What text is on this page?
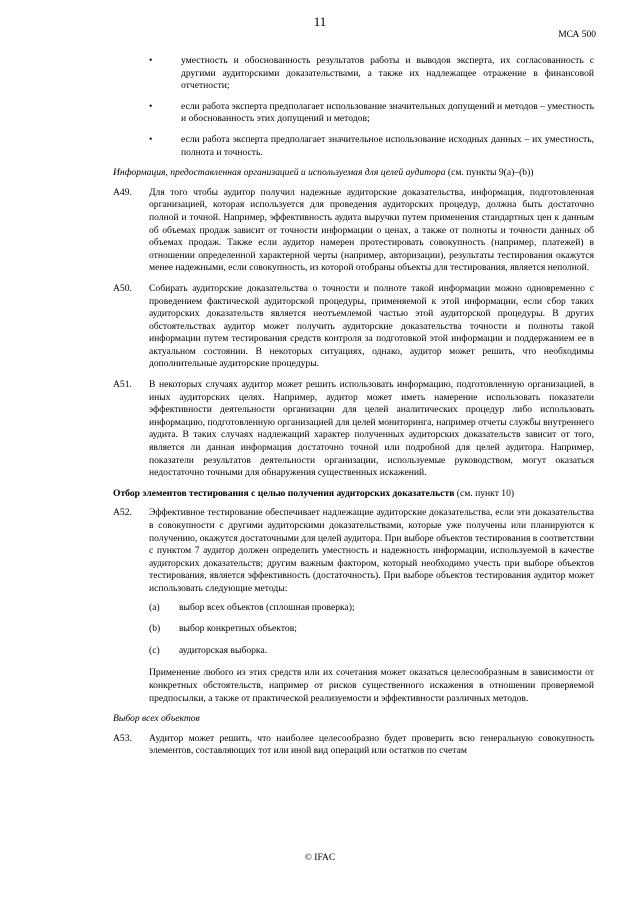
11
МСА 500
•	уместность и обоснованность результатов работы и выводов эксперта, их согласованность с другими аудиторскими доказательствами, а также их надлежащее отражение в финансовой отчетности;
•	если работа эксперта предполагает использование значительных допущений и методов – уместность и обоснованность этих допущений и методов;
•	если работа эксперта предполагает значительное использование исходных данных – их уместность, полнота и точность.
Информация, предоставленная организацией и используемая для целей аудитора (см. пункты 9(а)–(b))
A49. Для того чтобы аудитор получил надежные аудиторские доказательства, информация, подготовленная организацией, которая используется для проведения аудиторских процедур, должна быть достаточно полной и точной. Например, эффективность аудита выручки путем применения стандартных цен к данным об объемах продаж зависит от точности информации о ценах, а также от полноты и точности данных об объемах продаж. Также если аудитор намерен протестировать совокупность (например, платежей) в отношении определенной характерной черты (например, авторизации), результаты тестирования окажутся менее надежными, если совокупность, из которой отобраны объекты для тестирования, является неполной.
A50. Собирать аудиторские доказательства о точности и полноте такой информации можно одновременно с проведением фактической аудиторской процедуры, применяемой к этой информации, если сбор таких аудиторских доказательств является неотъемлемой частью этой аудиторской процедуры. В других обстоятельствах аудитор может получить аудиторские доказательства точности и полноты такой информации путем тестирования средств контроля за подготовкой этой информации и поддержанием ее в актуальном состоянии. В некоторых ситуациях, однако, аудитор может решить, что необходимы дополнительные аудиторские процедуры.
A51. В некоторых случаях аудитор может решить использовать информацию, подготовленную организацией, в иных аудиторских целях. Например, аудитор может иметь намерение использовать показатели эффективности деятельности организации для целей аналитических процедур либо использовать информацию, подготовленную организацией для целей мониторинга, например отчеты службы внутреннего аудита. В таких случаях надлежащий характер полученных аудиторских доказательств зависит от того, является ли данная информация достаточно точной или подробной для целей аудитора. Например, показатели результатов деятельности организации, используемые руководством, могут оказаться недостаточно точными для обнаружения существенных искажений.
Отбор элементов тестирования с целью получения аудиторских доказательств (см. пункт 10)
A52. Эффективное тестирование обеспечивает надлежащие аудиторские доказательства, если эти доказательства в совокупности с другими аудиторскими доказательствами, которые уже получены или планируются к получению, окажутся достаточными для целей аудитора. При выборе объектов тестирования в соответствии с пунктом 7 аудитор должен определить уместность и надежность информации, используемой в качестве аудиторских доказательств; другим важным фактором, который необходимо учесть при выборе объектов тестирования, является эффективность (достаточность). При выборе объектов тестирования аудитор может использовать следующие методы:
(a) выбор всех объектов (сплошная проверка);
(b) выбор конкретных объектов;
(c) аудиторская выборка.
Применение любого из этих средств или их сочетания может оказаться целесообразным в зависимости от конкретных обстоятельств, например от рисков существенного искажения в отношении проверяемой предпосылки, а также от практической реализуемости и эффективности различных методов.
Выбор всех объектов
A53. Аудитор может решить, что наиболее целесообразно будет проверить всю генеральную совокупность элементов, составляющих тот или иной вид операций или остатков по счетам
© IFAC
